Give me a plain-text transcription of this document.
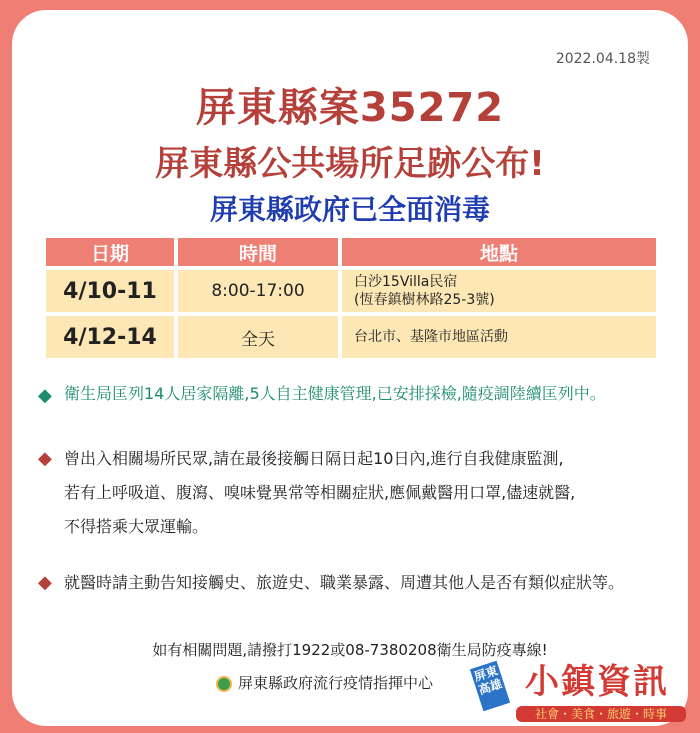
2022.04.18製
屏東縣案35272
屏東縣公共場所足跡公布!
屏東縣政府已全面消毒
日期	時間	地點
4/10-11	8:00-17:00	白沙15Villa民宿
(恆春鎮樹林路25-3號)

4/12-14	全天	台北市、基隆市地區活動
◆ 衛生局匡列14人居家隔離,5人自主健康管理,已安排採檢,隨疫調陸續匡列中。
◆ 曾出入相關場所民眾,請在最後接觸日隔日起10日內,進行自我健康監測,
若有上呼吸道、腹瀉、嗅味覺異常等相關症狀,應佩戴醫用口罩,儘速就醫,
不得搭乘大眾運輸。
◆ 就醫時請主動告知接觸史、旅遊史、職業暴露、周遭其他人是否有類似症狀等。
如有相關問題,請撥打1922或08-7380208衛生局防疫專線!
屏東縣政府流行疫情指揮中心	屏東高雄 小鎮資訊
社會・美食・旅遊・時事
